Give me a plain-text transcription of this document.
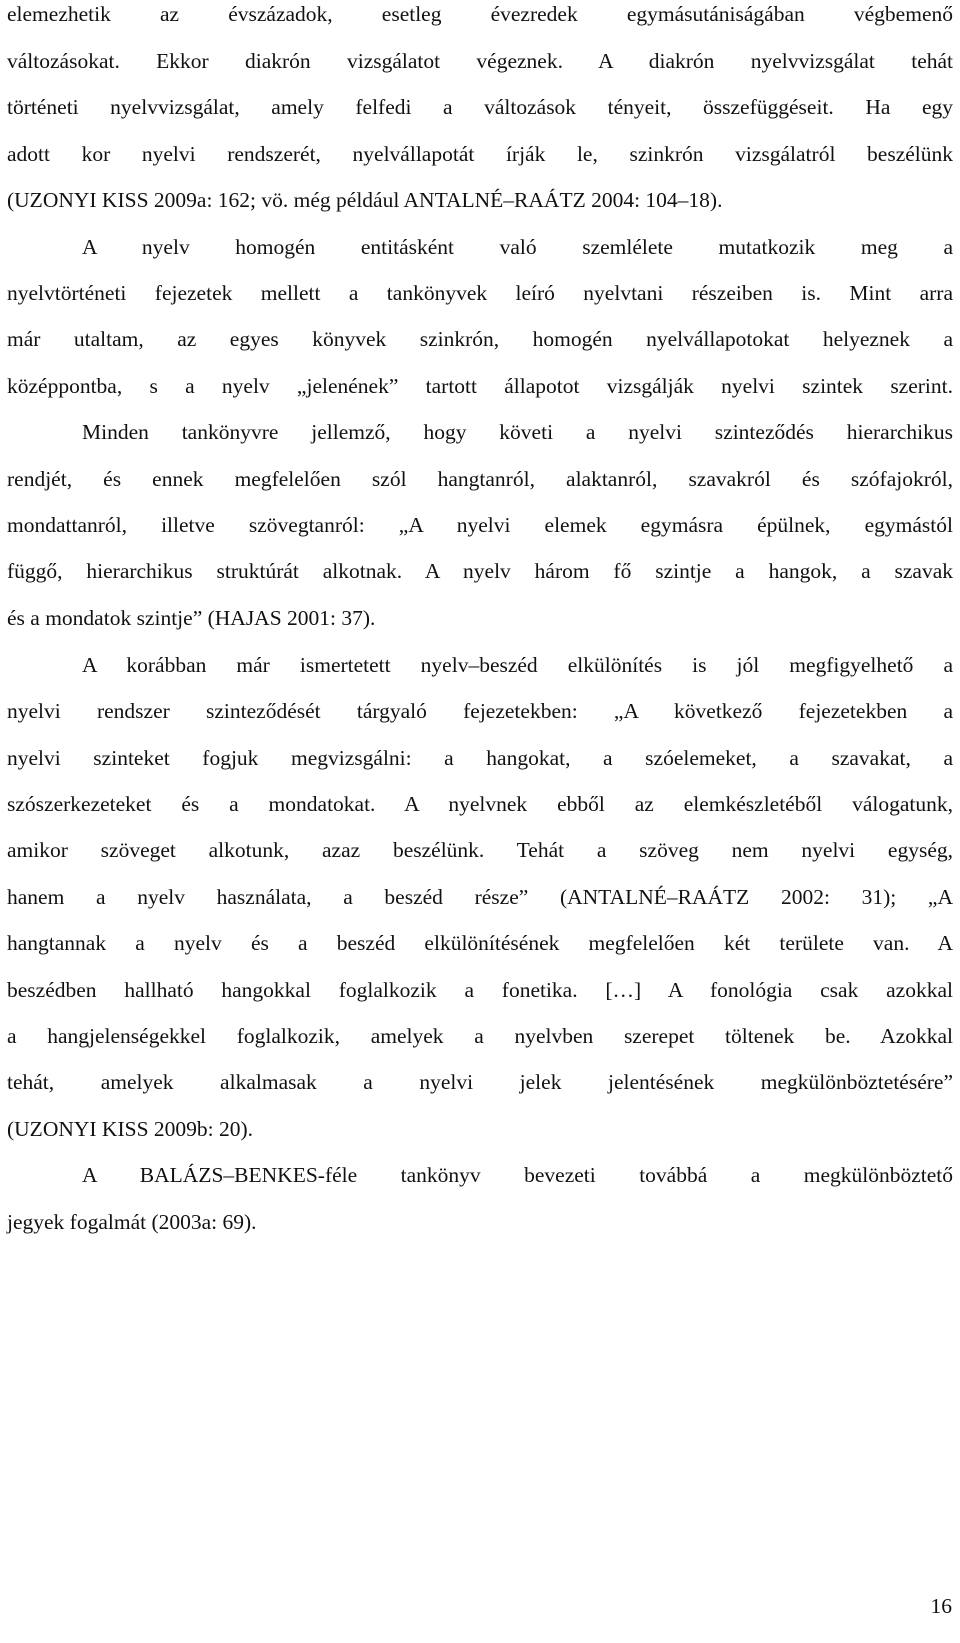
elemezhetik az évszázadok, esetleg évezredek egymásutániságában végbemenő
változásokat. Ekkor diakrón vizsgálatot végeznek. A diakrón nyelvvizsgálat tehát
történeti nyelvvizsgálat, amely felfedi a változások tényeit, összefüggéseit. Ha egy
adott kor nyelvi rendszerét, nyelvállapotát írják le, szinkrón vizsgálatról beszélünk
(UZONYI KISS 2009a: 162; vö. még például ANTALNÉ–RAÁTZ 2004: 104–18).
A nyelv homogén entitásként való szemlélete mutatkozik meg a
nyelvtörténeti fejezetek mellett a tankönyvek leíró nyelvtani részeiben is. Mint arra
már utaltam, az egyes könyvek szinkrón, homogén nyelvállapotokat helyeznek a
középpontba, s a nyelv „jelenének” tartott állapotot vizsgálják nyelvi szintek szerint.
Minden tankönyvre jellemző, hogy követi a nyelvi szinteződés hierarchikus
rendjét, és ennek megfelelően szól hangtanról, alaktanról, szavakról és szófajokról,
mondattanról, illetve szövegtanról: „A nyelvi elemek egymásra épülnek, egymástól
függő, hierarchikus struktúrát alkotnak. A nyelv három fő szintje a hangok, a szavak
és a mondatok szintje” (HAJAS 2001: 37).
A korábban már ismertetett nyelv–beszéd elkülönítés is jól megfigyelhető a
nyelvi rendszer szinteződését tárgyaló fejezetekben: „A következő fejezetekben a
nyelvi szinteket fogjuk megvizsgálni: a hangokat, a szóelemeket, a szavakat, a
szószerkezeteket és a mondatokat. A nyelvnek ebből az elemkészletéből válogatunk,
amikor szöveget alkotunk, azaz beszélünk. Tehát a szöveg nem nyelvi egység,
hanem a nyelv használata, a beszéd része” (ANTALNÉ–RAÁTZ 2002: 31); „A
hangtannak a nyelv és a beszéd elkülönítésének megfelelően két területe van. A
beszédben hallható hangokkal foglalkozik a fonetika. […] A fonológia csak azokkal
a hangjelenségekkel foglalkozik, amelyek a nyelvben szerepet töltenek be. Azokkal
tehát, amelyek alkalmasak a nyelvi jelek jelentésének megkülönböztetésére”
(UZONYI KISS 2009b: 20).
A BALÁZS–BENKES-féle tankönyv bevezeti továbbá a megkülönböztető
jegyek fogalmát (2003a: 69).
16
